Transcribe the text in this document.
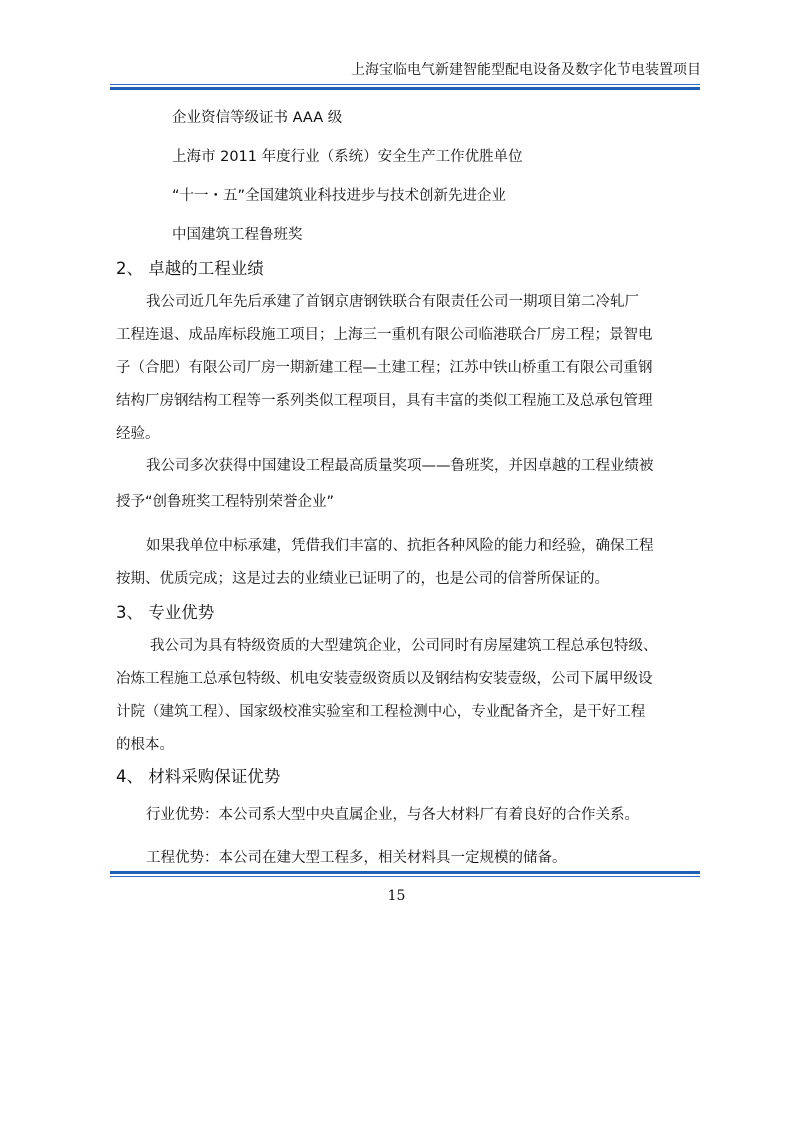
上海宝临电气新建智能型配电设备及数字化节电装置项目
企业资信等级证书 AAA 级
上海市 2011 年度行业（系统）安全生产工作优胜单位
“十一・五”全国建筑业科技进步与技术创新先进企业
中国建筑工程鲁班奖
2、 卓越的工程业绩
我公司近几年先后承建了首钢京唐钢铁联合有限责任公司一期项目第二冷轧厂
工程连退、成品库标段施工项目；上海三一重机有限公司临港联合厂房工程；景智电
子（合肥）有限公司厂房一期新建工程—土建工程；江苏中铁山桥重工有限公司重钢
结构厂房钢结构工程等一系列类似工程项目，具有丰富的类似工程施工及总承包管理
经验。
我公司多次获得中国建设工程最高质量奖项——鲁班奖，并因卓越的工程业绩被
授予“创鲁班奖工程特别荣誉企业”
如果我单位中标承建，凭借我们丰富的、抗拒各种风险的能力和经验，确保工程
按期、优质完成；这是过去的业绩业已证明了的，也是公司的信誉所保证的。
3、 专业优势
我公司为具有特级资质的大型建筑企业，公司同时有房屋建筑工程总承包特级、
冶炼工程施工总承包特级、机电安装壹级资质以及钢结构安装壹级，公司下属甲级设
计院（建筑工程）、国家级校准实验室和工程检测中心，专业配备齐全，是干好工程
的根本。
4、 材料采购保证优势
行业优势：本公司系大型中央直属企业，与各大材料厂有着良好的合作关系。
工程优势：本公司在建大型工程多，相关材料具一定规模的储备。
15
